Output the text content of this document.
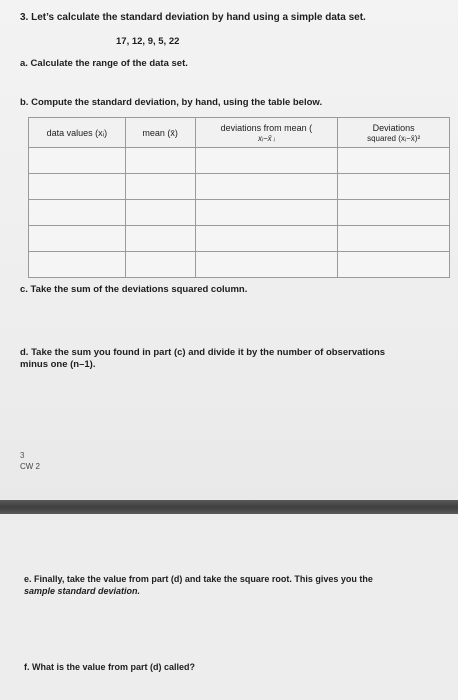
3. Let’s calculate the standard deviation by hand using a simple data set.
17, 12, 9, 5, 22
a. Calculate the range of the data set.
b. Compute the standard deviation, by hand, using the table below.
data values (xᵢ)	mean (x̄)	deviations from mean (
xᵢ−x̄ ᵢ	Deviations
squared (xᵢ−x̄)²

c. Take the sum of the deviations squared column.
d. Take the sum you found in part (c) and divide it by the number of observations
minus one (n–1).
3
CW 2
e. Finally, take the value from part (d) and take the square root. This gives you the
sample standard deviation.
f. What is the value from part (d) called?
